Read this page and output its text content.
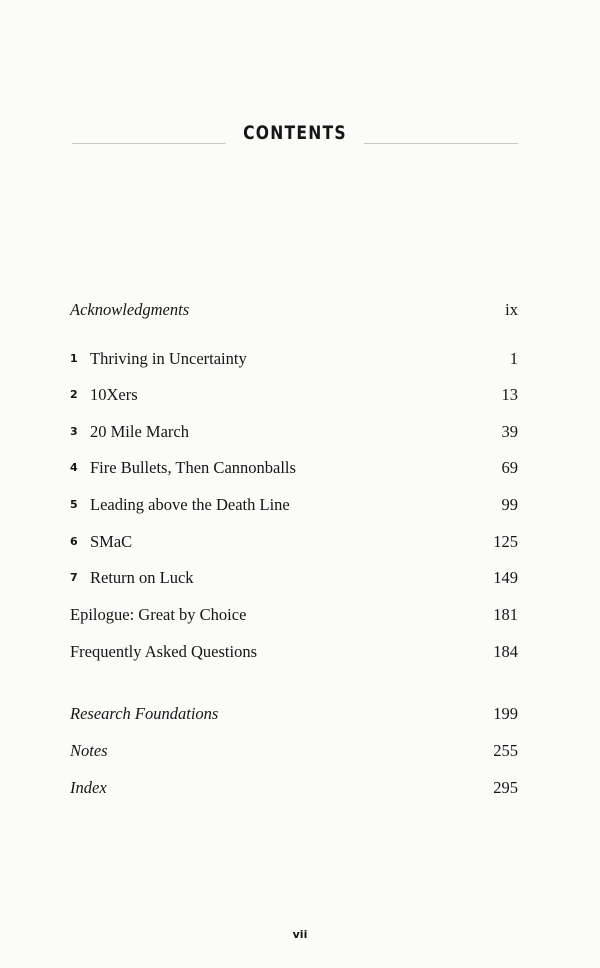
CONTENTS
Acknowledgments	ix
1 Thriving in Uncertainty	1
2 10Xers	13
3 20 Mile March	39
4 Fire Bullets, Then Cannonballs	69
5 Leading above the Death Line	99
6 SMaC	125
7 Return on Luck	149
Epilogue: Great by Choice	181
Frequently Asked Questions	184
Research Foundations	199
Notes	255
Index	295
vii
